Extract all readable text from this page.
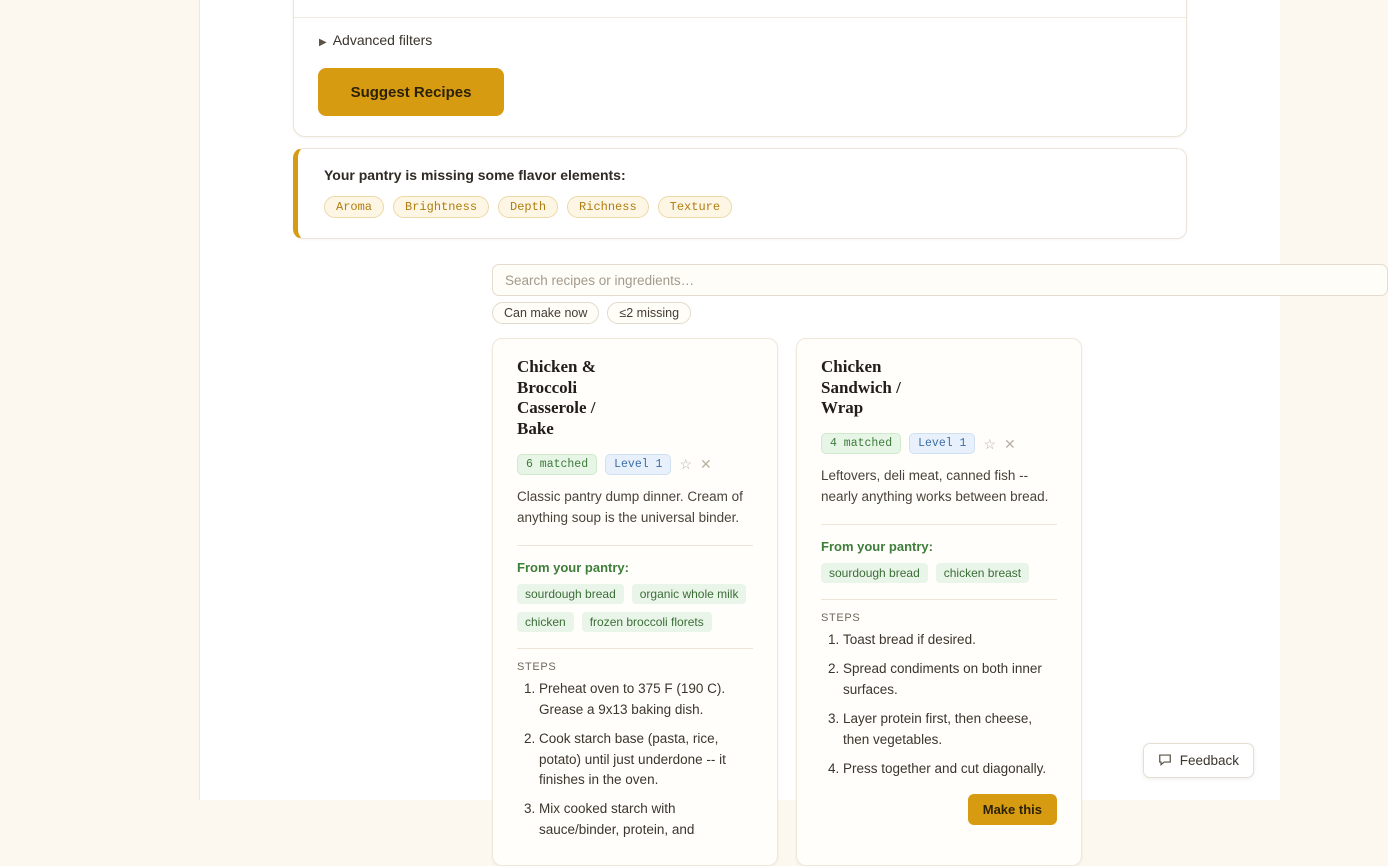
▶ Advanced filters
Suggest Recipes
Your pantry is missing some flavor elements:
Aroma	Brightness	Depth	Richness	Texture
Search recipes or ingredients…
Can make now	≤2 missing
Chicken & Broccoli Casserole / Bake
6 matched	Level 1	☆ ✕

Classic pantry dump dinner. Cream of anything soup is the universal binder.

From your pantry:
sourdough bread	organic whole milk
chicken	frozen broccoli florets
STEPS
1. Preheat oven to 375 F (190 C). Grease a 9x13 baking dish.
2. Cook starch base (pasta, rice, potato) until just underdone -- it finishes in the oven.
3. Mix cooked starch with sauce/binder, protein, and
Chicken Sandwich / Wrap
4 matched	Level 1	☆ ✕

Leftovers, deli meat, canned fish -- nearly anything works between bread.

From your pantry:
sourdough bread	chicken breast
STEPS
1. Toast bread if desired.
2. Spread condiments on both inner surfaces.
3. Layer protein first, then cheese, then vegetables.
4. Press together and cut diagonally.
Make this
Feedback
